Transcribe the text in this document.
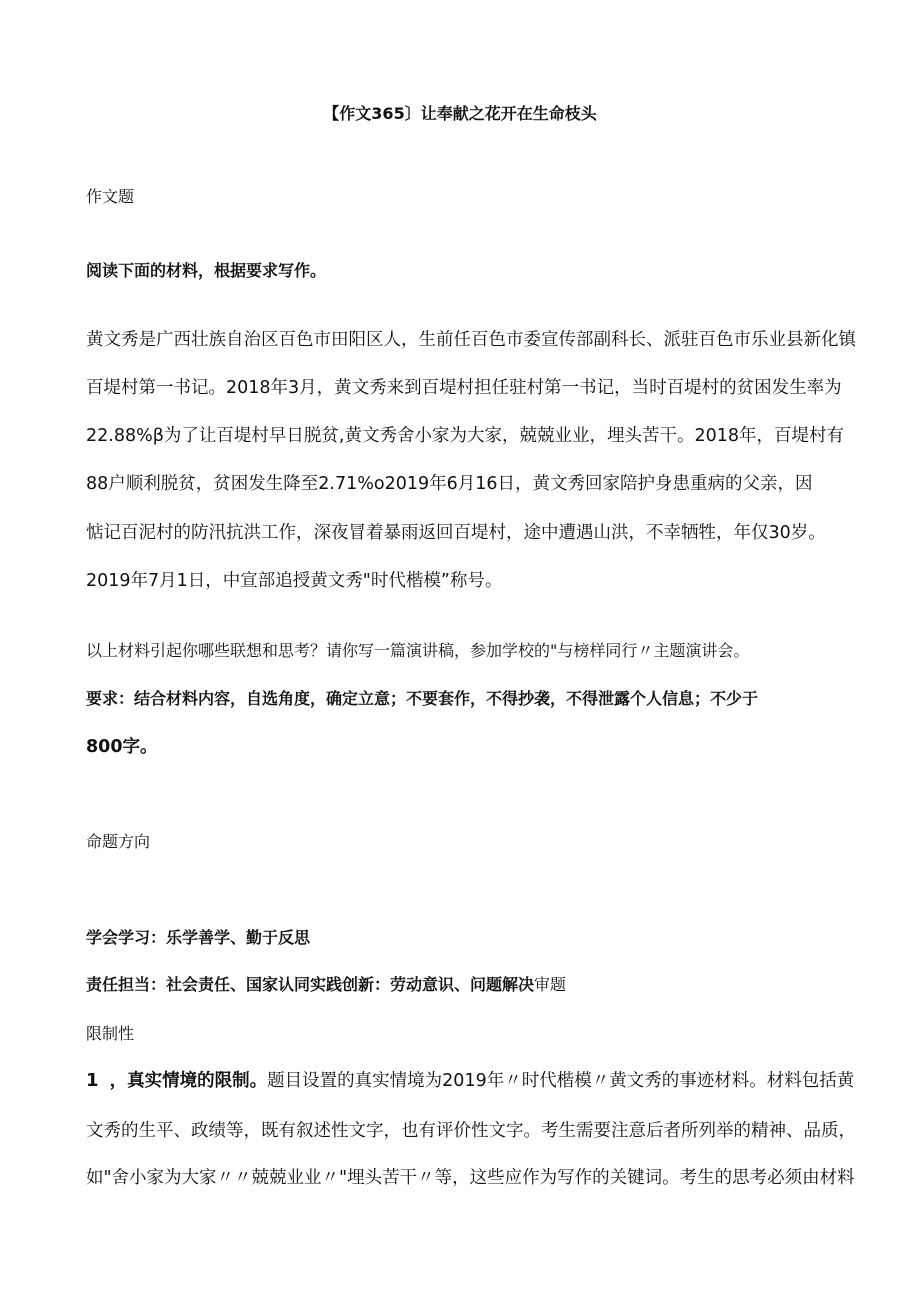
【作文365〕让奉献之花开在生命枝头
作文题
阅读下面的材料，根据要求写作。
黄文秀是广西壮族自治区百色市田阳区人，生前任百色市委宣传部副科长、派驻百色市乐业县新化镇
百堤村第一书记。2018年3月，黄文秀来到百堤村担任驻村第一书记，当时百堤村的贫困发生率为
22.88%β为了让百堤村早日脱贫,黄文秀舍小家为大家，兢兢业业，埋头苦干。2018年，百堤村有
88户顺利脱贫，贫困发生降至2.71%o2019年6月16日，黄文秀回家陪护身患重病的父亲，因
惦记百泥村的防汛抗洪工作，深夜冒着暴雨返回百堤村，途中遭遇山洪，不幸牺牲，年仅30岁。
2019年7月1日，中宣部追授黄文秀"时代楷模”称号。
以上材料引起你哪些联想和思考？请你写一篇演讲稿，参加学校的"与榜样同行〃主题演讲会。
要求：结合材料内容，自选角度，确定立意；不要套作，不得抄袭，不得泄露个人信息；不少于
800字。
命题方向
学会学习：乐学善学、勤于反思
责任担当：社会责任、国家认同实践创新：劳动意识、问题解决审题
限制性
1 ，真实情境的限制。题目设置的真实情境为2019年〃时代楷模〃黄文秀的事迹材料。材料包括黄
文秀的生平、政绩等，既有叙述性文字，也有评价性文字。考生需要注意后者所列举的精神、品质，
如"舍小家为大家〃〃兢兢业业〃"埋头苦干〃等，这些应作为写作的关键词。考生的思考必须由材料
